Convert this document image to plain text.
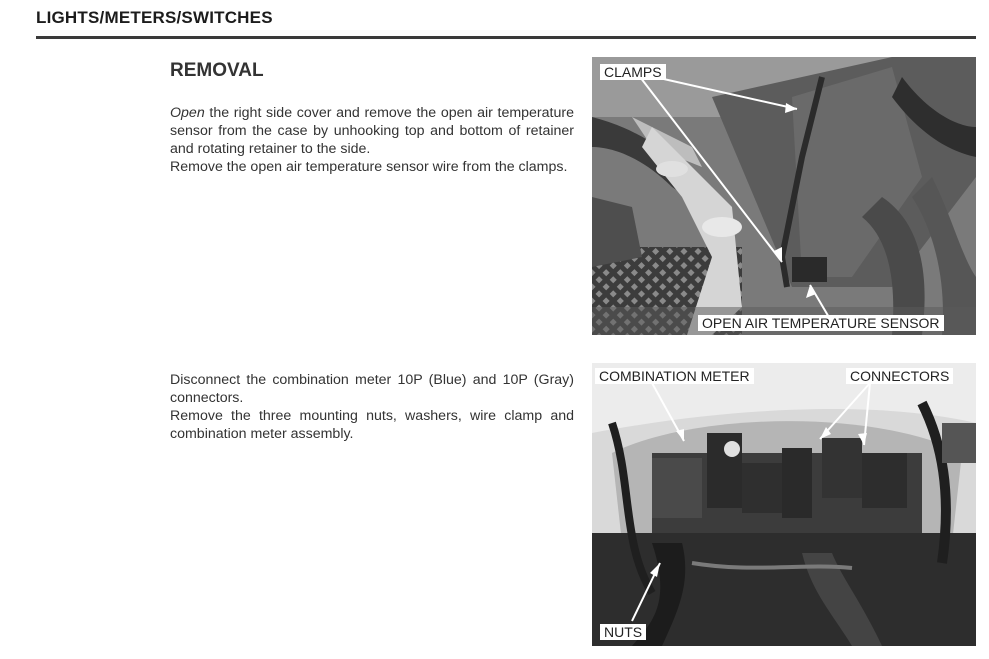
LIGHTS/METERS/SWITCHES
REMOVAL

Open the right side cover and remove the open air temperature sensor from the case by unhooking top and bottom of retainer and rotating retainer to the side.

Remove the open air temperature sensor wire from the clamps.

Disconnect the combination meter 10P (Blue) and 10P (Gray) connectors.

Remove the three mounting nuts, washers, wire clamp and combination meter assembly.

CLAMPS
OPEN AIR TEMPERATURE SENSOR
COMBINATION METER	CONNECTORS
NUTS
